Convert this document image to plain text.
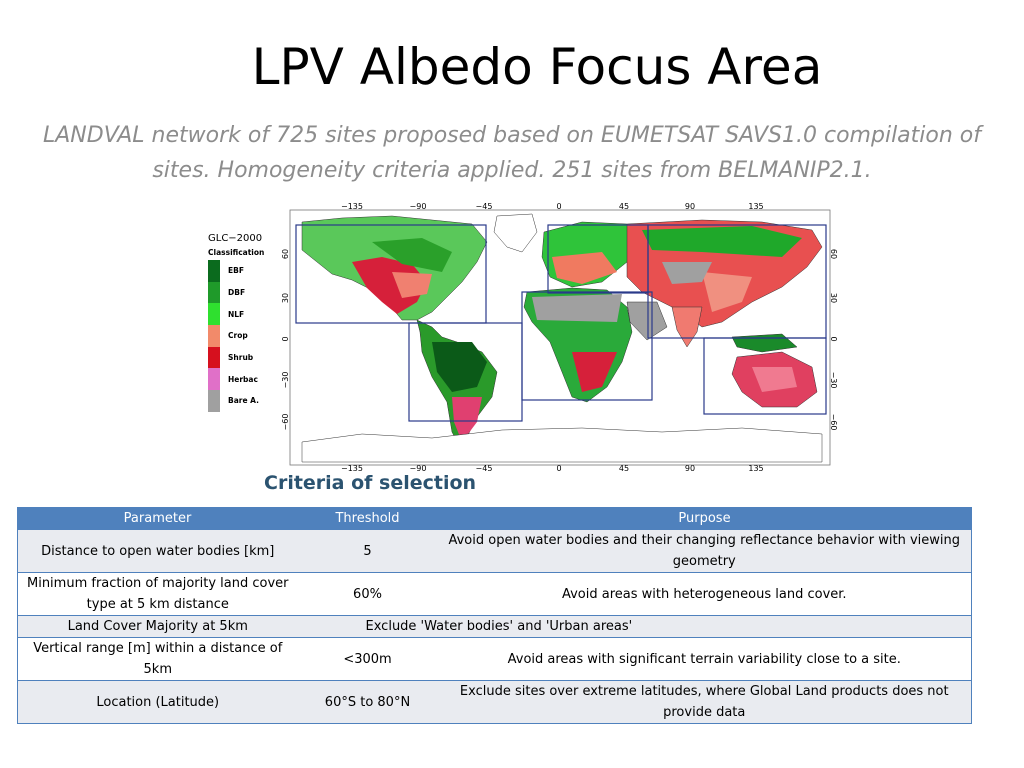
LPV Albedo Focus Area
LANDVAL network of 725 sites proposed based on EUMETSAT SAVS1.0 compilation of sites. Homogeneity criteria applied. 251 sites from BELMANIP2.1.
GLC−2000
Classification
EBF
DBF
NLF
Crop
Shrub
Herbac
Bare A.
−135	−90	−45	0	45	90	135
−135	−90	−45	0	45	90	135
60
30
0
−30
−60
60
30
0
−30
−60
Criteria of selection
Parameter	Threshold	Purpose
Distance to open water bodies [km]	5	Avoid open water bodies and their changing reflectance behavior with viewing geometry
Minimum fraction of majority land cover type at 5 km distance	60%	Avoid areas with heterogeneous land cover.
Land Cover Majority at 5km	Exclude 'Water bodies' and 'Urban areas'	
Vertical range [m] within a distance of 5km	<300m	Avoid areas with significant terrain variability close to a site.
Location (Latitude)	60°S to 80°N	Exclude sites over extreme latitudes, where Global Land products does not provide data
